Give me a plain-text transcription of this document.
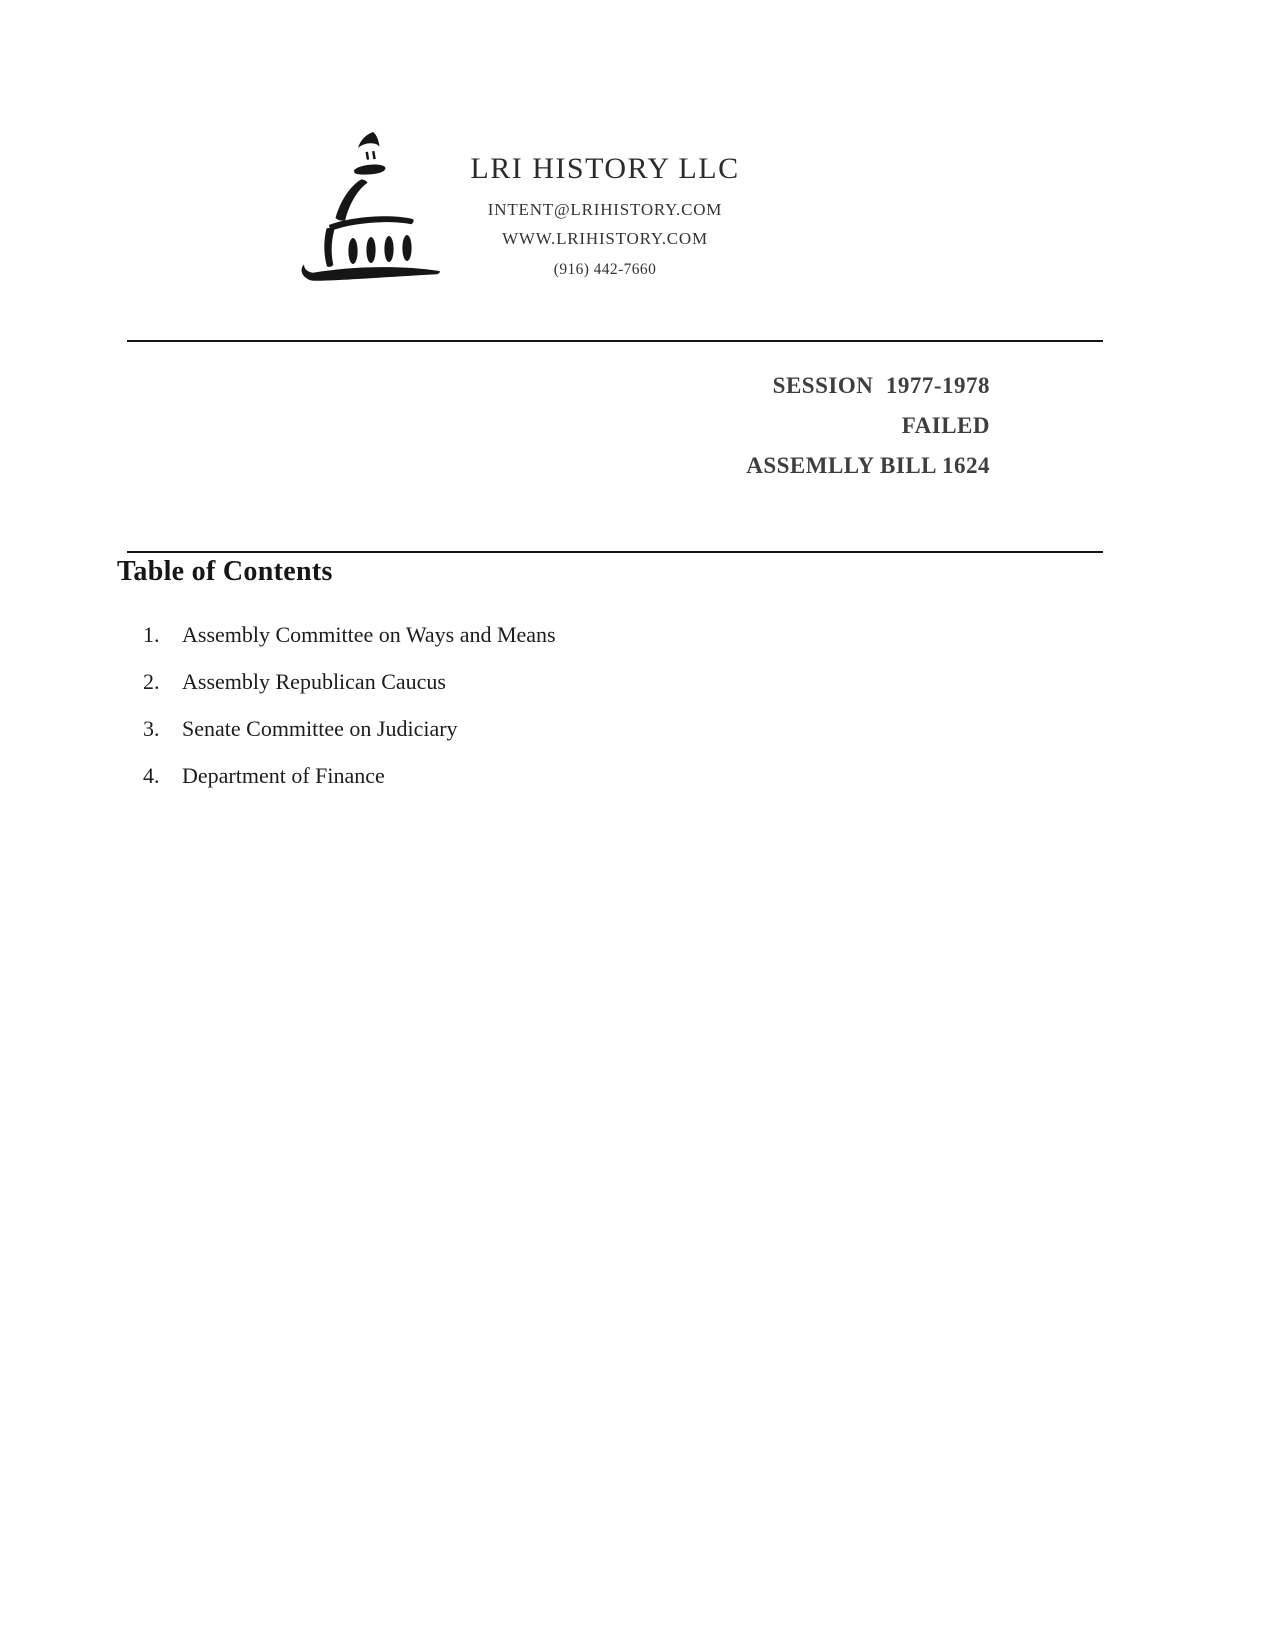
LRI HISTORY LLC
INTENT@LRIHISTORY.COM
WWW.LRIHISTORY.COM
(916) 442-7660
SESSION  1977-1978
FAILED
ASSEMLLY BILL 1624
Table of Contents
1.	Assembly Committee on Ways and Means
2.	Assembly Republican Caucus
3.	Senate Committee on Judiciary
4.	Department of Finance
